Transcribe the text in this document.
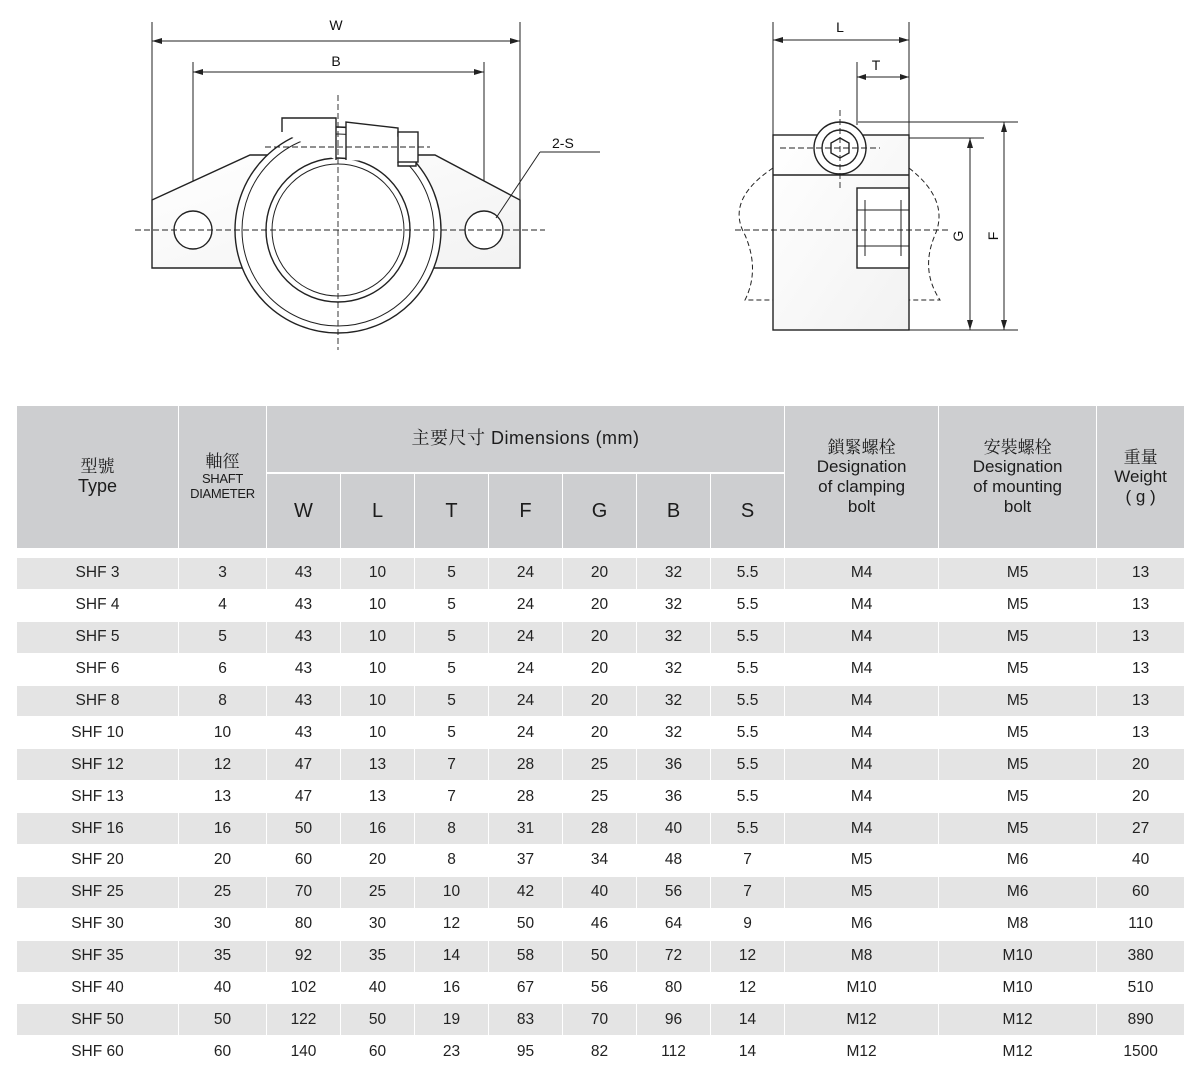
W
B
2-S
L
T
G F
型號
Type	軸徑
SHAFT
DIAMETER	主要尺寸 Dimensions (mm)							鎖緊螺栓
Designation
of clamping
bolt	安裝螺栓
Designation
of mounting
bolt	重量
Weight
( g )

		W	L	T	F	G	B	S			

SHF 3	3	43	10	5	24	20	32	5.5	M4	M5	13
SHF 4	4	43	10	5	24	20	32	5.5	M4	M5	13
SHF 5	5	43	10	5	24	20	32	5.5	M4	M5	13
SHF 6	6	43	10	5	24	20	32	5.5	M4	M5	13
SHF 8	8	43	10	5	24	20	32	5.5	M4	M5	13
SHF 10	10	43	10	5	24	20	32	5.5	M4	M5	13
SHF 12	12	47	13	7	28	25	36	5.5	M4	M5	20
SHF 13	13	47	13	7	28	25	36	5.5	M4	M5	20
SHF 16	16	50	16	8	31	28	40	5.5	M4	M5	27
SHF 20	20	60	20	8	37	34	48	7	M5	M6	40
SHF 25	25	70	25	10	42	40	56	7	M5	M6	60
SHF 30	30	80	30	12	50	46	64	9	M6	M8	110
SHF 35	35	92	35	14	58	50	72	12	M8	M10	380
SHF 40	40	102	40	16	67	56	80	12	M10	M10	510
SHF 50	50	122	50	19	83	70	96	14	M12	M12	890
SHF 60	60	140	60	23	95	82	112	14	M12	M12	1500
